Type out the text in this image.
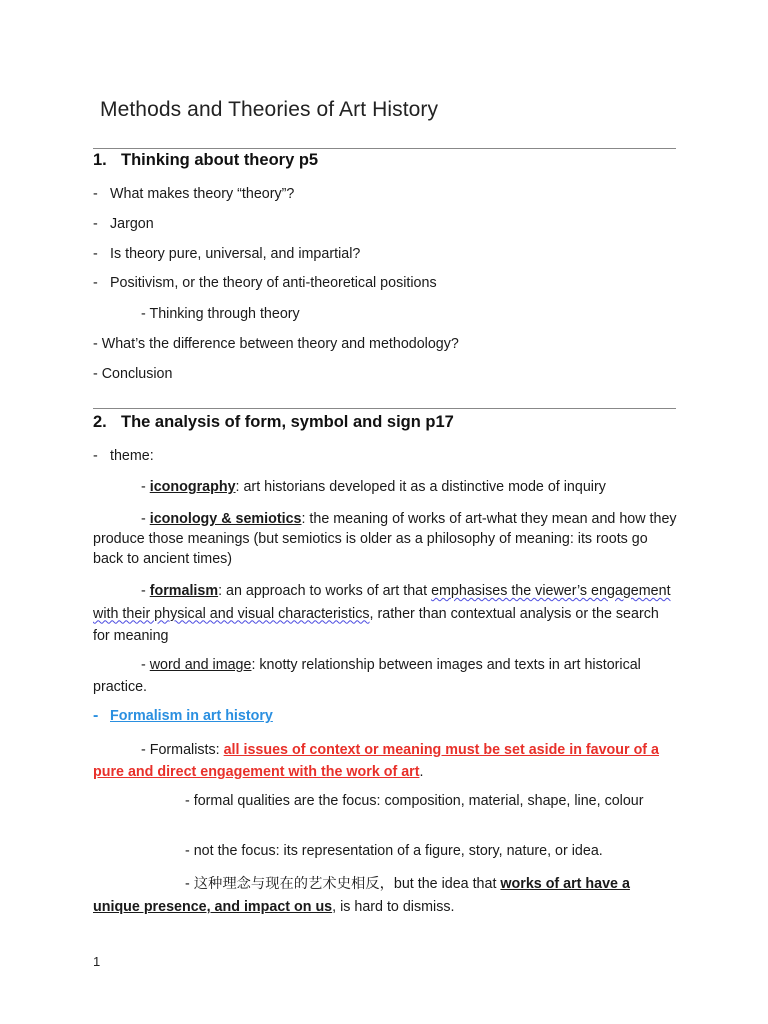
Methods and Theories of Art History
1. Thinking about theory p5
- What makes theory “theory”?
- Jargon
- Is theory pure, universal, and impartial?
- Positivism, or the theory of anti-theoretical positions
- Thinking through theory
- What’s the difference between theory and methodology?
- Conclusion
2. The analysis of form, symbol and sign p17
- theme:
- iconography: art historians developed it as a distinctive mode of inquiry
- iconology & semiotics: the meaning of works of art-what they mean and how they produce those meanings (but semiotics is older as a philosophy of meaning: its roots go back to ancient times)
- formalism: an approach to works of art that emphasises the viewer’s engagement with their physical and visual characteristics, rather than contextual analysis or the search for meaning
- word and image: knotty relationship between images and texts in art historical practice.
- Formalism in art history
- Formalists: all issues of context or meaning must be set aside in favour of a pure and direct engagement with the work of art.
- formal qualities are the focus: composition, material, shape, line, colour
- not the focus: its representation of a figure, story, nature, or idea.
- 这种理念与现在的艺术史相反，but the idea that works of art have a unique presence, and impact on us, is hard to dismiss.
1
